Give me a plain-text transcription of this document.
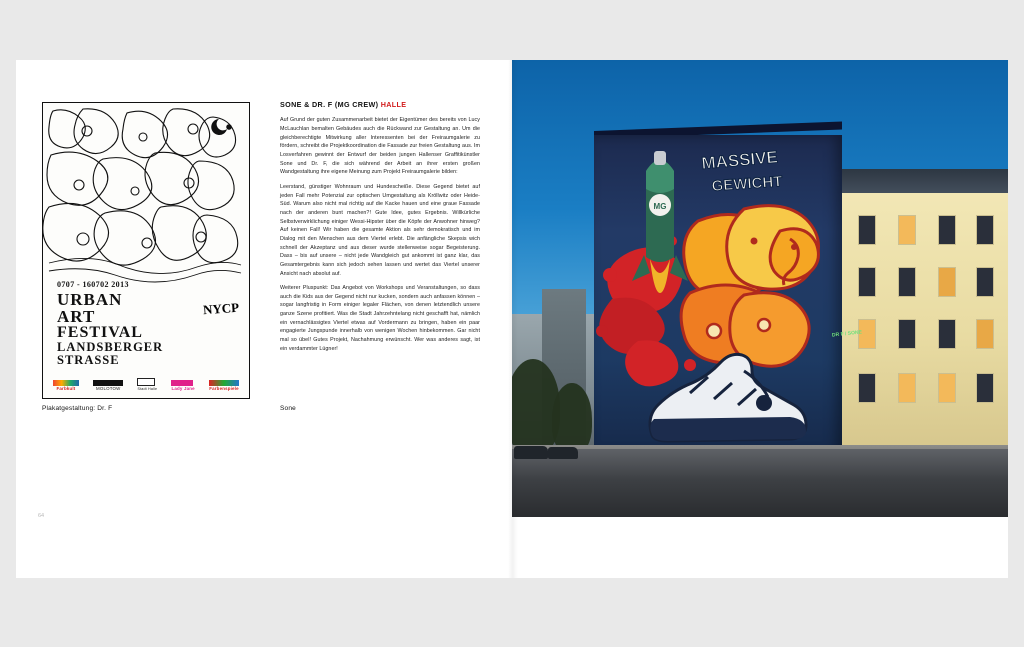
0707 - 160702 2013
URBAN
ART
FESTIVAL
LANDSBERGER
STRASSE
NYCP
Farbkult	MOLOTOW	Stadt Halle	Lady Jane	Farbenspiele
Plakatgestaltung: Dr. F
SONE & DR. F (MG CREW) HALLE

Auf Grund der guten Zusammenarbeit bietet der Eigentümer des bereits von Lucy McLauchlan bemalten Gebäudes auch die Rückwand zur Gestaltung an. Um die gleichberechtigte Mitwirkung aller Interessenten bei der Freiraumgalerie zu fördern, schreibt die Projektkoordination die Fassade zur freien Gestaltung aus. Im Losverfahren gewinnt der Entwurf der beiden jungen Hallenser Graffitikünstler Sone und Dr. F, die sich während der Arbeit an ihrer ersten großen Wandgestaltung ihre eigene Meinung zum Projekt Freiraumgalerie bilden:

Leerstand, günstiger Wohnraum und Hundescheiße. Diese Gegend bietet auf jeden Fall mehr Potenzial zur optischen Umgestaltung als Kröllwitz oder Heide-Süd. Warum also nicht mal richtig auf die Kacke hauen und eine graue Fassade nach der anderen bunt machen?! Gute Idee, gutes Ergebnis. Willkürliche Selbstverwirklichung einiger Wessi-Hipster über die Köpfe der Anwohner hinweg? Auf keinen Fall! Wir haben die gesamte Aktion als sehr demokratisch und im Dialog mit den Menschen aus dem Viertel erlebt. Die anfängliche Skepsis wich schnell der Akzeptanz und aus dieser wurde stellenweise sogar Begeisterung. Dass – bis auf unsere – nicht jede Wandgleich gut ankommt ist ganz klar, das Gesamtergebnis kann sich jedoch sehen lassen und wertet das Viertel unserer Ansicht nach absolut auf.

Weiterer Pluspunkt: Das Angebot von Workshops und Veranstaltungen, so dass auch die Kids aus der Gegend nicht nur kucken, sondern auch anfassen können – sogar langfristig in Form einiger legaler Flächen, von denen letztendlich unsere ganze Szene profitiert. Was die Stadt Jahrzehntelang nicht geschafft hat, nämlich ein vernachlässigtes Viertel etwas auf Vordermann zu bringen, haben ein paar engagierte Jungspunde innerhalb von wenigen Wochen hinbekommen. Gar nicht mal so übel! Gutes Projekt, Nachahmung erwünscht. Wer was anderes sagt, ist ein verdammter Lügner!

Sone
64
MG
MASSIVE
GEWICHT
DR F / SONE
